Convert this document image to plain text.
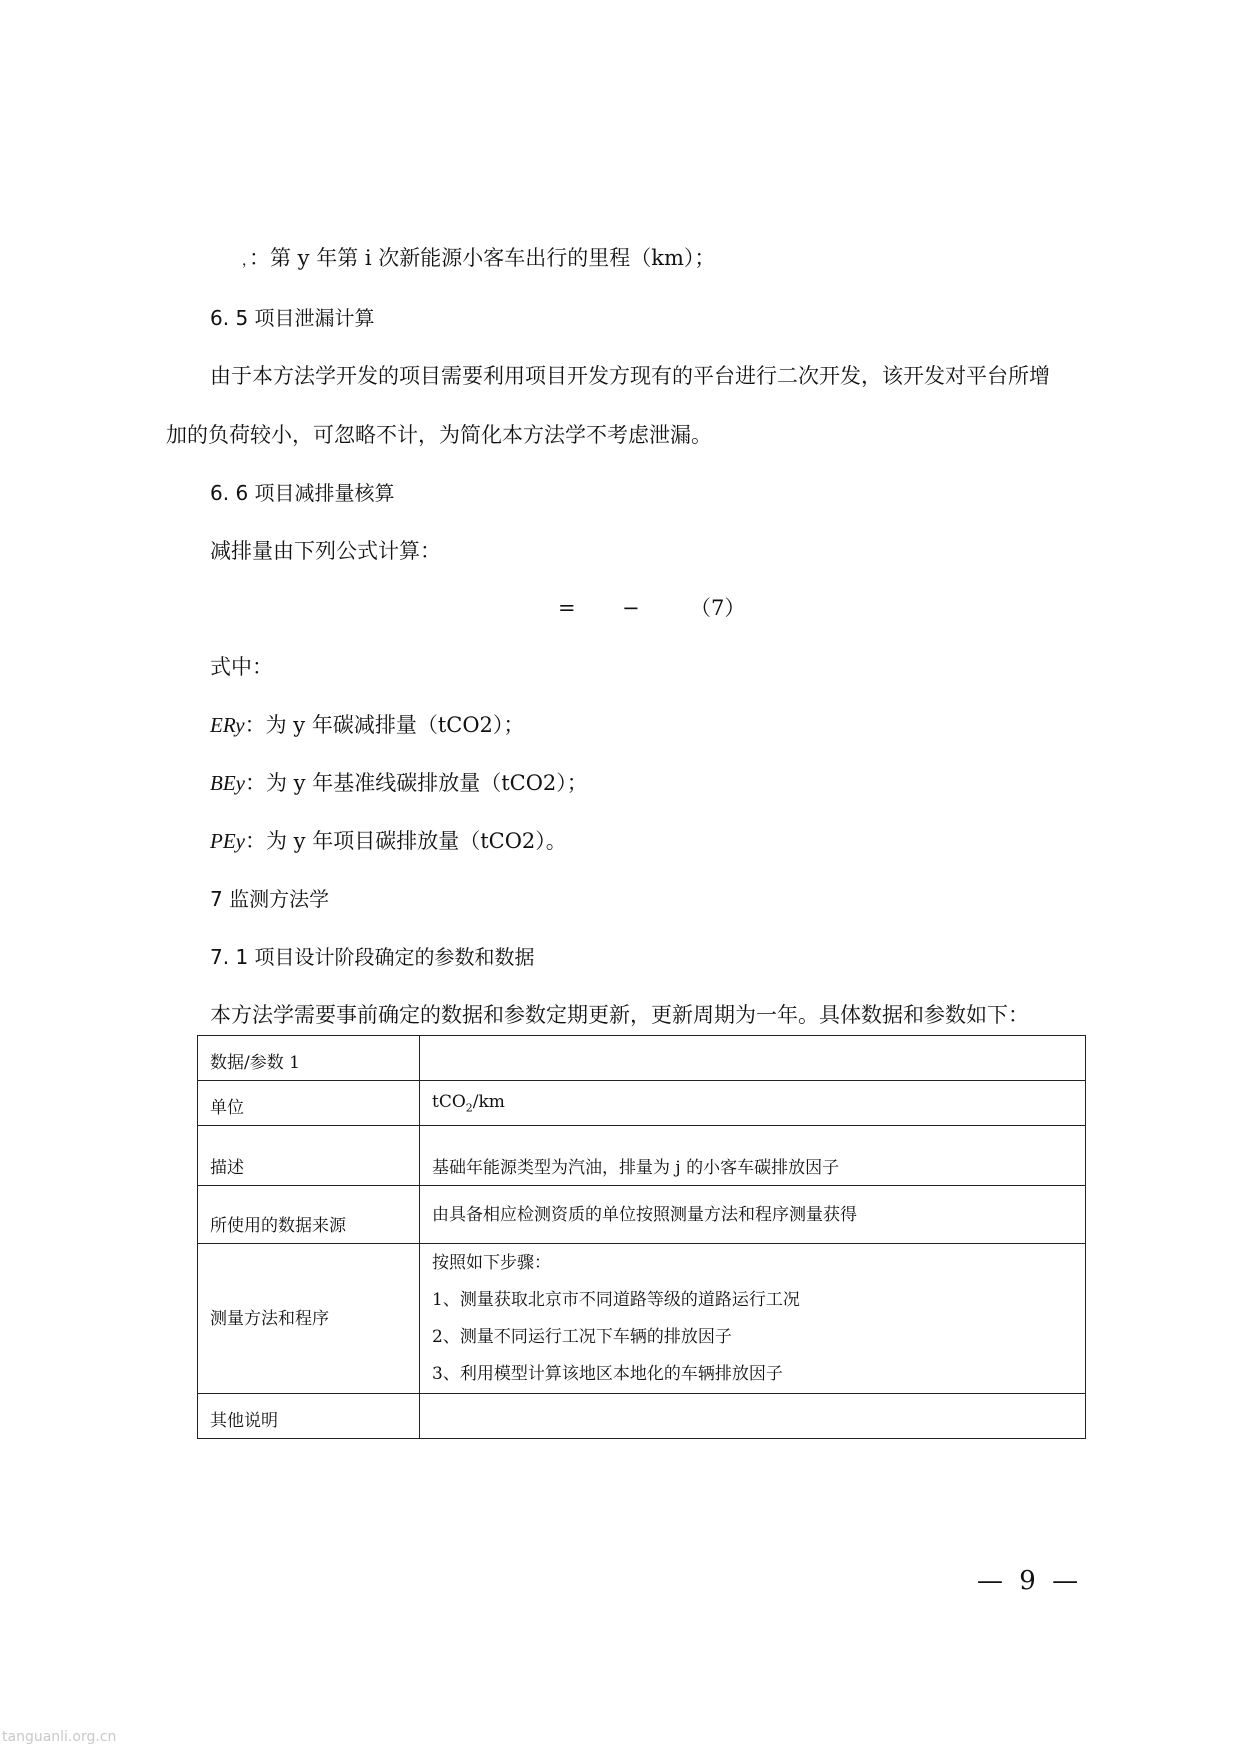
，：第 y 年第 i 次新能源小客车出行的里程（km）；
6. 5 项目泄漏计算
由于本方法学开发的项目需要利用项目开发方现有的平台进行二次开发，该开发对平台所增
加的负荷较小，可忽略不计，为简化本方法学不考虑泄漏。
6. 6 项目减排量核算
减排量由下列公式计算：
= − （7）
式中：
ERy：为 y 年碳减排量（tCO2）；
BEy：为 y 年基准线碳排放量（tCO2）；
PEy：为 y 年项目碳排放量（tCO2）。
7 监测方法学
7. 1 项目设计阶段确定的参数和数据
本方法学需要事前确定的数据和参数定期更新，更新周期为一年。具体数据和参数如下：
数据/参数 1	
单位	tCO$_2$/km
描述	基础年能源类型为汽油，排量为 j 的小客车碳排放因子
所使用的数据来源	由具备相应检测资质的单位按照测量方法和程序测量获得
测量方法和程序	按照如下步骤：
1、测量获取北京市不同道路等级的道路运行工况
2、测量不同运行工况下车辆的排放因子
3、利用模型计算该地区本地化的车辆排放因子

其他说明	
— 9 —
tanguanli.org.cn
